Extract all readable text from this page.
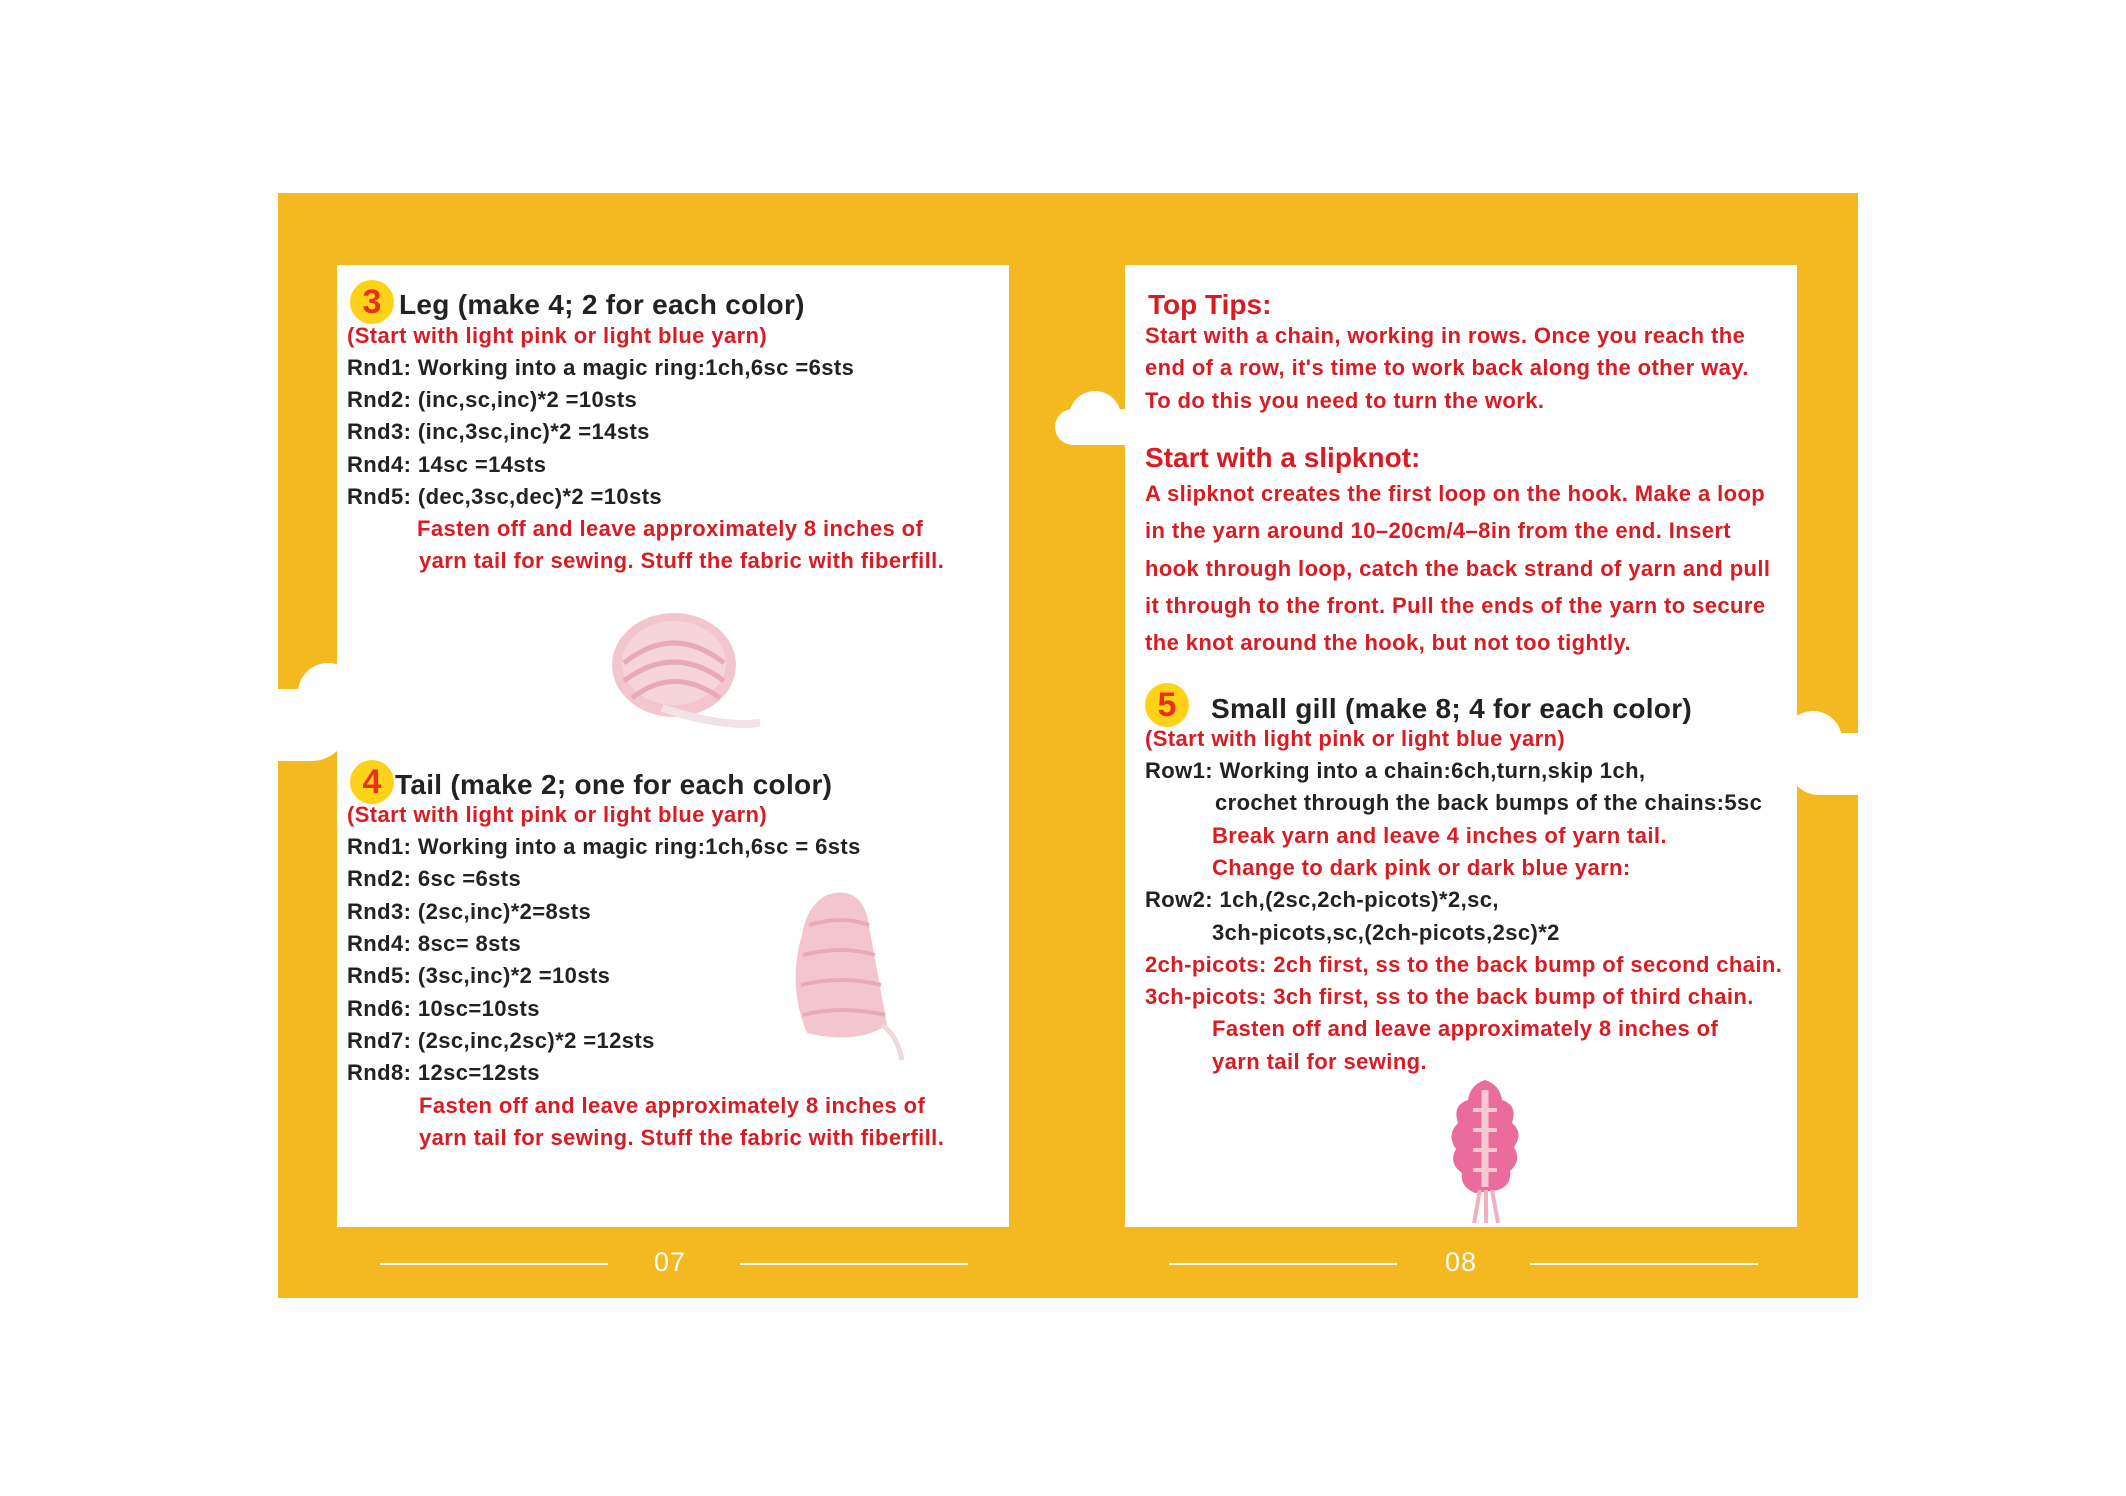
3 Leg (make 4; 2 for each color)
(Start with light pink or light blue yarn)
Rnd1: Working into a magic ring:1ch,6sc =6sts
Rnd2: (inc,sc,inc)*2 =10sts
Rnd3: (inc,3sc,inc)*2 =14sts
Rnd4: 14sc =14sts
Rnd5: (dec,3sc,dec)*2 =10sts
Fasten off and leave approximately 8 inches of
yarn tail for sewing. Stuff the fabric with fiberfill.
4 Tail (make 2; one for each color)
(Start with light pink or light blue yarn)
Rnd1: Working into a magic ring:1ch,6sc = 6sts
Rnd2: 6sc =6sts
Rnd3: (2sc,inc)*2=8sts
Rnd4: 8sc= 8sts
Rnd5: (3sc,inc)*2 =10sts
Rnd6: 10sc=10sts
Rnd7: (2sc,inc,2sc)*2 =12sts
Rnd8: 12sc=12sts
Fasten off and leave approximately 8 inches of
yarn tail for sewing. Stuff the fabric with fiberfill.
Top Tips:
Start with a chain, working in rows. Once you reach the
end of a row, it's time to work back along the other way.
To do this you need to turn the work.
Start with a slipknot:
A slipknot creates the first loop on the hook. Make a loop
in the yarn around 10–20cm/4–8in from the end. Insert
hook through loop, catch the back strand of yarn and pull
it through to the front. Pull the ends of the yarn to secure
the knot around the hook, but not too tightly.
5	Small gill (make 8; 4 for each color)
(Start with light pink or light blue yarn)
Row1: Working into a chain:6ch,turn,skip 1ch,
crochet through the back bumps of the chains:5sc
Break yarn and leave 4 inches of yarn tail.
Change to dark pink or dark blue yarn:
Row2: 1ch,(2sc,2ch-picots)*2,sc,
3ch-picots,sc,(2ch-picots,2sc)*2
2ch-picots: 2ch first, ss to the back bump of second chain.
3ch-picots: 3ch first, ss to the back bump of third chain.
Fasten off and leave approximately 8 inches of
yarn tail for sewing.
07	08
